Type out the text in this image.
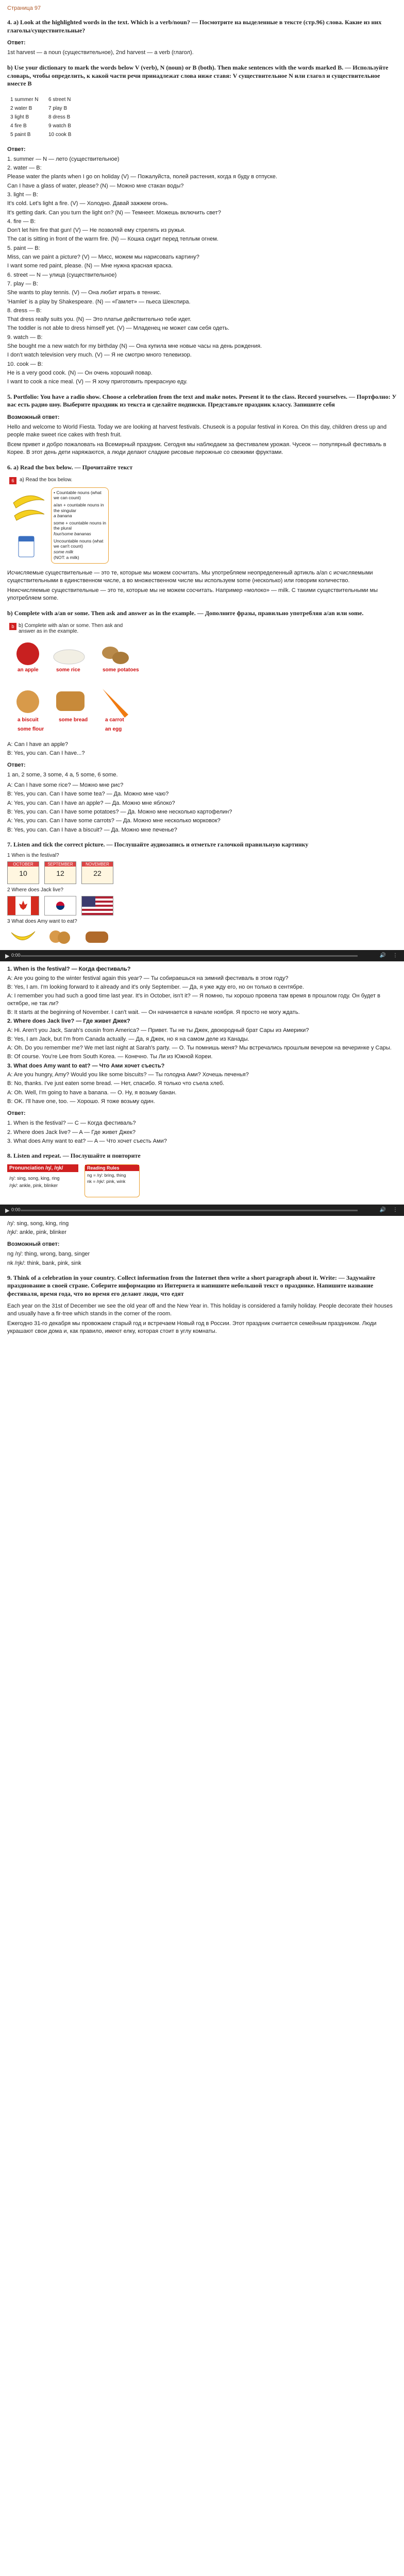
Страница 97
4. a) Look at the highlighted words in the text. Which is a verb/noun? — Посмотрите на выделенные в тексте (стр.96) слова. Какие из них глаголы/существительные?
Ответ:

1st harvest — a noun (существительное), 2nd harvest — a verb (глагол).

b) Use your dictionary to mark the words below V (verb), N (noun) or B (both). Then make sentences with the words marked B. — Используйте словарь, чтобы определить, к какой части речи принадлежат слова ниже ставя: V существительное N или глагол и существительное вместе B
1 summer N
2 water B
3 light B
4 fire B
5 paint B
6 street N
7 play B
8 dress B
9 watch B
10 cook B
Ответ:
1. summer — N — лето (существительное)
2. water — B:
Please water the plants when I go on holiday (V) — Пожалуйста, полей растения, когда я буду в отпуске.
Can I have a glass of water, please? (N) — Можно мне стакан воды?
3. light — B:
It's cold. Let's light a fire. (V) — Холодно. Давай зажжем огонь.
It's getting dark. Can you turn the light on? (N) — Темнеет. Можешь включить свет?
4. fire — B:
Don't let him fire that gun! (V) — Не позволяй ему стрелять из ружья.
The cat is sitting in front of the warm fire. (N) — Кошка сидит перед теплым огнем.
5. paint — B:
Miss, can we paint a picture? (V) — Мисс, можем мы нарисовать картину?
I want some red paint, please. (N) — Мне нужна красная краска.
6. street — N — улица (существительное)
7. play — B:
She wants to play tennis. (V) — Она любит играть в теннис.
'Hamlet' is a play by Shakespeare. (N) — «Гамлет» — пьеса Шекспира.
8. dress — B:
That dress really suits you. (N) — Это платье действительно тебе идет.
The toddler is not able to dress himself yet. (V) — Младенец не может сам себя одеть.
9. watch — B:
She bought me a new watch for my birthday (N) — Она купила мне новые часы на день рождения.
I don't watch television very much. (V) — Я не смотрю много телевизор.
10. cook — B:
He is a very good cook. (N) — Он очень хороший повар.
I want to cook a nice meal. (V) — Я хочу приготовить прекрасную еду.
5. Portfolio: You have a radio show. Choose a celebration from the text and make notes. Present it to the class. Record yourselves. — Портфолио: У вас есть радио шоу. Выберите праздник из текста и сделайте подписки. Представьте праздник классу. Запишите себя
Возможный ответ:

Hello and welcome to World Fiesta. Today we are looking at harvest festivals. Chuseok is a popular festival in Korea. On this day, children dress up and people make sweet rice cakes with fresh fruit.

Всем привет и добро пожаловать на Всемирный праздник. Сегодня мы наблюдаем за фестивалем урожая. Чусеок — популярный фестиваль в Корее. В этот день дети наряжаются, а люди делают сладкие рисовые пирожные со свежими фруктами.

6. a) Read the box below. — Прочитайте текст
6	a) Read the box below.
• Countable nouns (what we can count)
a/an + countable nouns in the singular
a banana
some + countable nouns in the plural
four/some bananas
Uncountable nouns (what we can't count)
some milk
(NOT: a milk)

Исчисляемые существительные — это те, которые мы можем сосчитать. Мы употребляем неопределенный артикль a/an с исчисляемыми существительными в единственном числе, а во множественном числе мы используем some (несколько) или говорим количество.

Неисчисляемые существительные — это те, которые мы не можем сосчитать. Например «молоко» — milk. С такими существительными мы употребляем some.

b) Complete with a/an or some. Then ask and answer as in the example. — Дополните фразы, правильно употребляя a/an или some.
b b) Complete with a/an or some. Then ask and answer as in the example.
an apple	some rice	some potatoes
a biscuit	some bread	a carrot
some flour	an egg
A: Can I have an apple?
B: Yes, you can. Can I have...?
Ответ:

1 an, 2 some, 3 some, 4 a, 5 some, 6 some.

A: Can I have some rice? — Можно мне рис?
B: Yes, you can. Can I have some tea? — Да. Можно мне чаю?
A: Yes, you can. Can I have an apple? — Да. Можно мне яблоко?
B: Yes, you can. Can I have some potatoes? — Да. Можно мне несколько картофелин?
A: Yes, you can. Can I have some carrots? — Да. Можно мне несколько морковок?
B: Yes, you can. Can I have a biscuit? — Да. Можно мне печенье?
7. Listen and tick the correct picture. — Послушайте аудиозапись и отметьте галочкой правильную картинку
1 When is the festival?
OCTOBER
10
SEPTEMBER
12
NOVEMBER
22
2 Where does Jack live?
3 What does Amy want to eat?
▶ 0:00	🔊 ⋮
1. When is the festival? — Когда фестиваль?
A: Are you going to the winter festival again this year? — Ты собираешься на зимний фестиваль в этом году?
B: Yes, I am. I'm looking forward to it already and it's only September. — Да, я уже жду его, но он только в сентябре.
A: I remember you had such a good time last year. It's in October, isn't it? — Я помню, ты хорошо провела там время в прошлом году. Он будет в октябре, не так ли?
B: It starts at the beginning of November. I can't wait. — Он начинается в начале ноября. Я просто не могу ждать.
2. Where does Jack live? — Где живет Джек?
A: Hi. Aren't you Jack, Sarah's cousin from America? — Привет. Ты не ты Джек, двоюродный брат Сары из Америки?
B: Yes, I am Jack, but I'm from Canada actually. — Да, я Джек, но я на самом деле из Канады.
A: Oh. Do you remember me? We met last night at Sarah's party. — О. Ты помнишь меня? Мы встречались прошлым вечером на вечеринке у Сары.
B: Of course. You're Lee from South Korea. — Конечно. Ты Ли из Южной Кореи.
3. What does Amy want to eat? — Что Ами хочет съесть?
A: Are you hungry, Amy? Would you like some biscuits? — Ты голодна Ами? Хочешь печенья?
B: No, thanks. I've just eaten some bread. — Нет, спасибо. Я только что съела хлеб.
A: Oh. Well, I'm going to have a banana. — О. Ну, я возьму банан.
B: OK. I'll have one, too. — Хорошо. Я тоже возьму один.
Ответ:
1. When is the festival? — C — Когда фестиваль?
2. Where does Jack live? — A — Где живет Джек?
3. What does Amy want to eat? — A — Что хочет съесть Ами?
8. Listen and repeat. — Послушайте и повторите
Pronunciation /ŋ/, /ŋk/
/ŋ/: sing, song, king, ring
/ŋk/: ankle, pink, blinker
Reading Rules
ng = /ŋ/: bring, thing
nk = /ŋk/: pink, wink
▶ 0:00	🔊 ⋮
/ŋ/: sing, song, king, ring
/ŋk/: ankle, pink, blinker
Возможный ответ:
ng /ŋ/: thing, wrong, bang, singer
nk /ŋk/: think, bank, pink, sink
9. Think of a celebration in your country. Collect information from the Internet then write a short paragraph about it. Write: — Задумайте празднование в своей стране. Соберите информацию из Интернета и напишите небольшой текст о празднике. Напишите название фестиваля, время года, что во время его делают люди, что едят

Each year on the 31st of December we see the old year off and the New Year in. This holiday is considered a family holiday. People decorate their houses and usually have a fir-tree which stands in the corner of the room.

Ежегодно 31-го декабря мы провожаем старый год и встречаем Новый год в России. Этот праздник считается семейным праздником. Люди украшают свои дома и, как правило, имеют елку, которая стоит в углу комнаты.
